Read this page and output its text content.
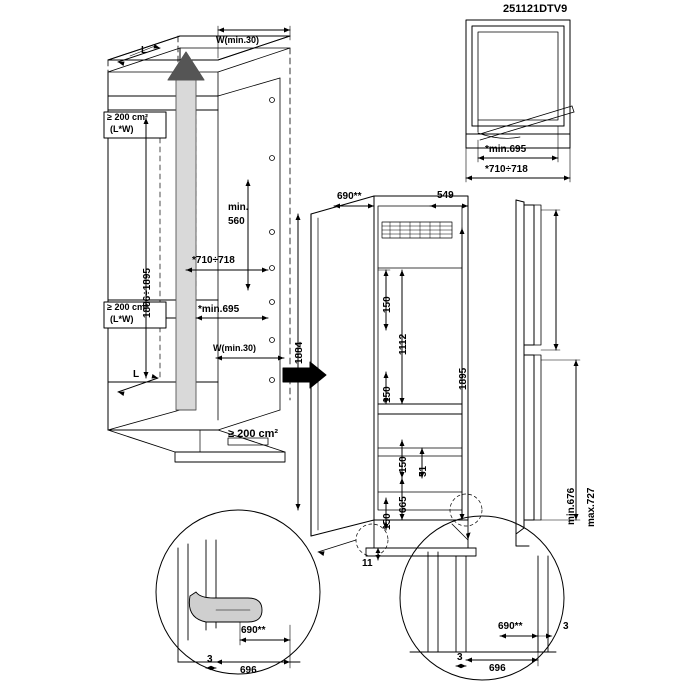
251121DTV9
W(min.30)
L
L
≥ 200 cm²
(L*W)
≥ 200 cm²
(L*W)
≥ 200 cm²
1886÷1895
min.
560
*710÷718
*min.695
W(min.30)	1884
690**	549
150
1112
1895
150
150 51
665
150
11
*min.695
*710÷718
min.676 max.727
690**
696
3
690**
696
3
3
